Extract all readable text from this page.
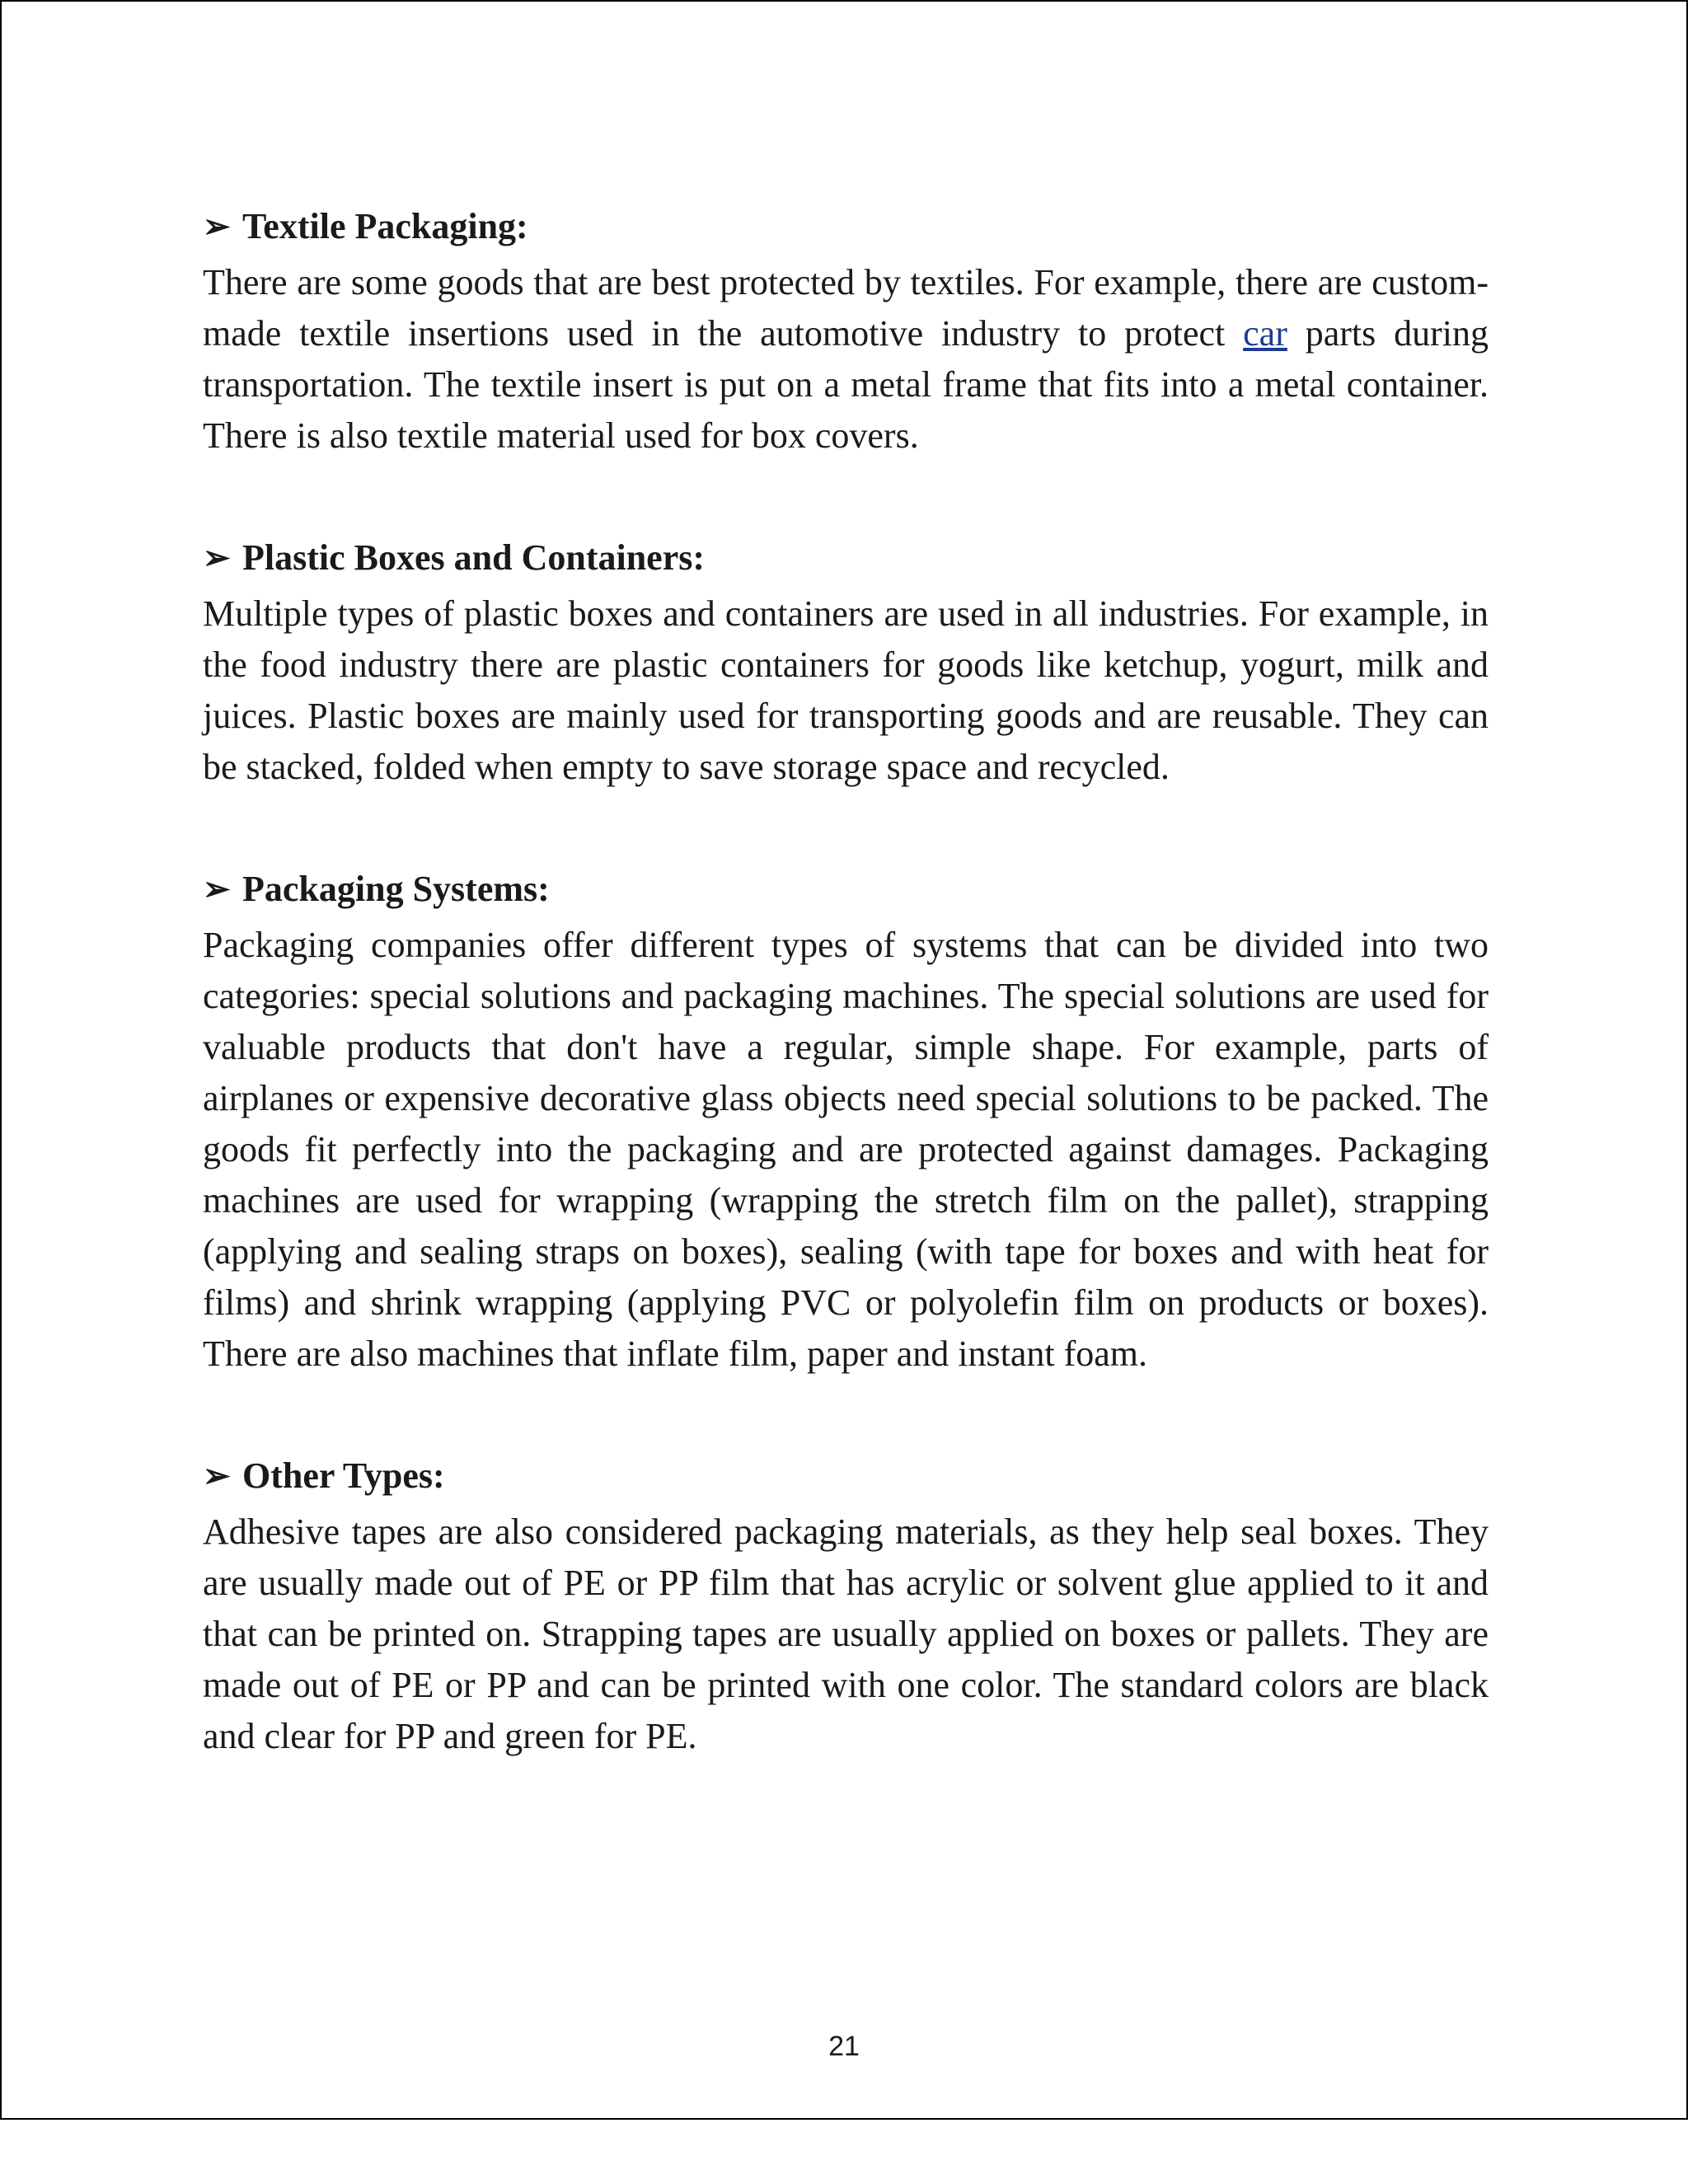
➢ Textile Packaging:

There are some goods that are best protected by textiles. For example, there are custom-made textile insertions used in the automotive industry to protect car parts during transportation. The textile insert is put on a metal frame that fits into a metal container. There is also textile material used for box covers.

➢ Plastic Boxes and Containers:

Multiple types of plastic boxes and containers are used in all industries. For example, in the food industry there are plastic containers for goods like ketchup, yogurt, milk and juices. Plastic boxes are mainly used for transporting goods and are reusable. They can be stacked, folded when empty to save storage space and recycled.

➢ Packaging Systems:

Packaging companies offer different types of systems that can be divided into two categories: special solutions and packaging machines. The special solutions are used for valuable products that don't have a regular, simple shape. For example, parts of airplanes or expensive decorative glass objects need special solutions to be packed. The goods fit perfectly into the packaging and are protected against damages. Packaging machines are used for wrapping (wrapping the stretch film on the pallet), strapping (applying and sealing straps on boxes), sealing (with tape for boxes and with heat for films) and shrink wrapping (applying PVC or polyolefin film on products or boxes). There are also machines that inflate film, paper and instant foam.

➢ Other Types:

Adhesive tapes are also considered packaging materials, as they help seal boxes. They are usually made out of PE or PP film that has acrylic or solvent glue applied to it and that can be printed on. Strapping tapes are usually applied on boxes or pallets. They are made out of PE or PP and can be printed with one color. The standard colors are black and clear for PP and green for PE.

21
